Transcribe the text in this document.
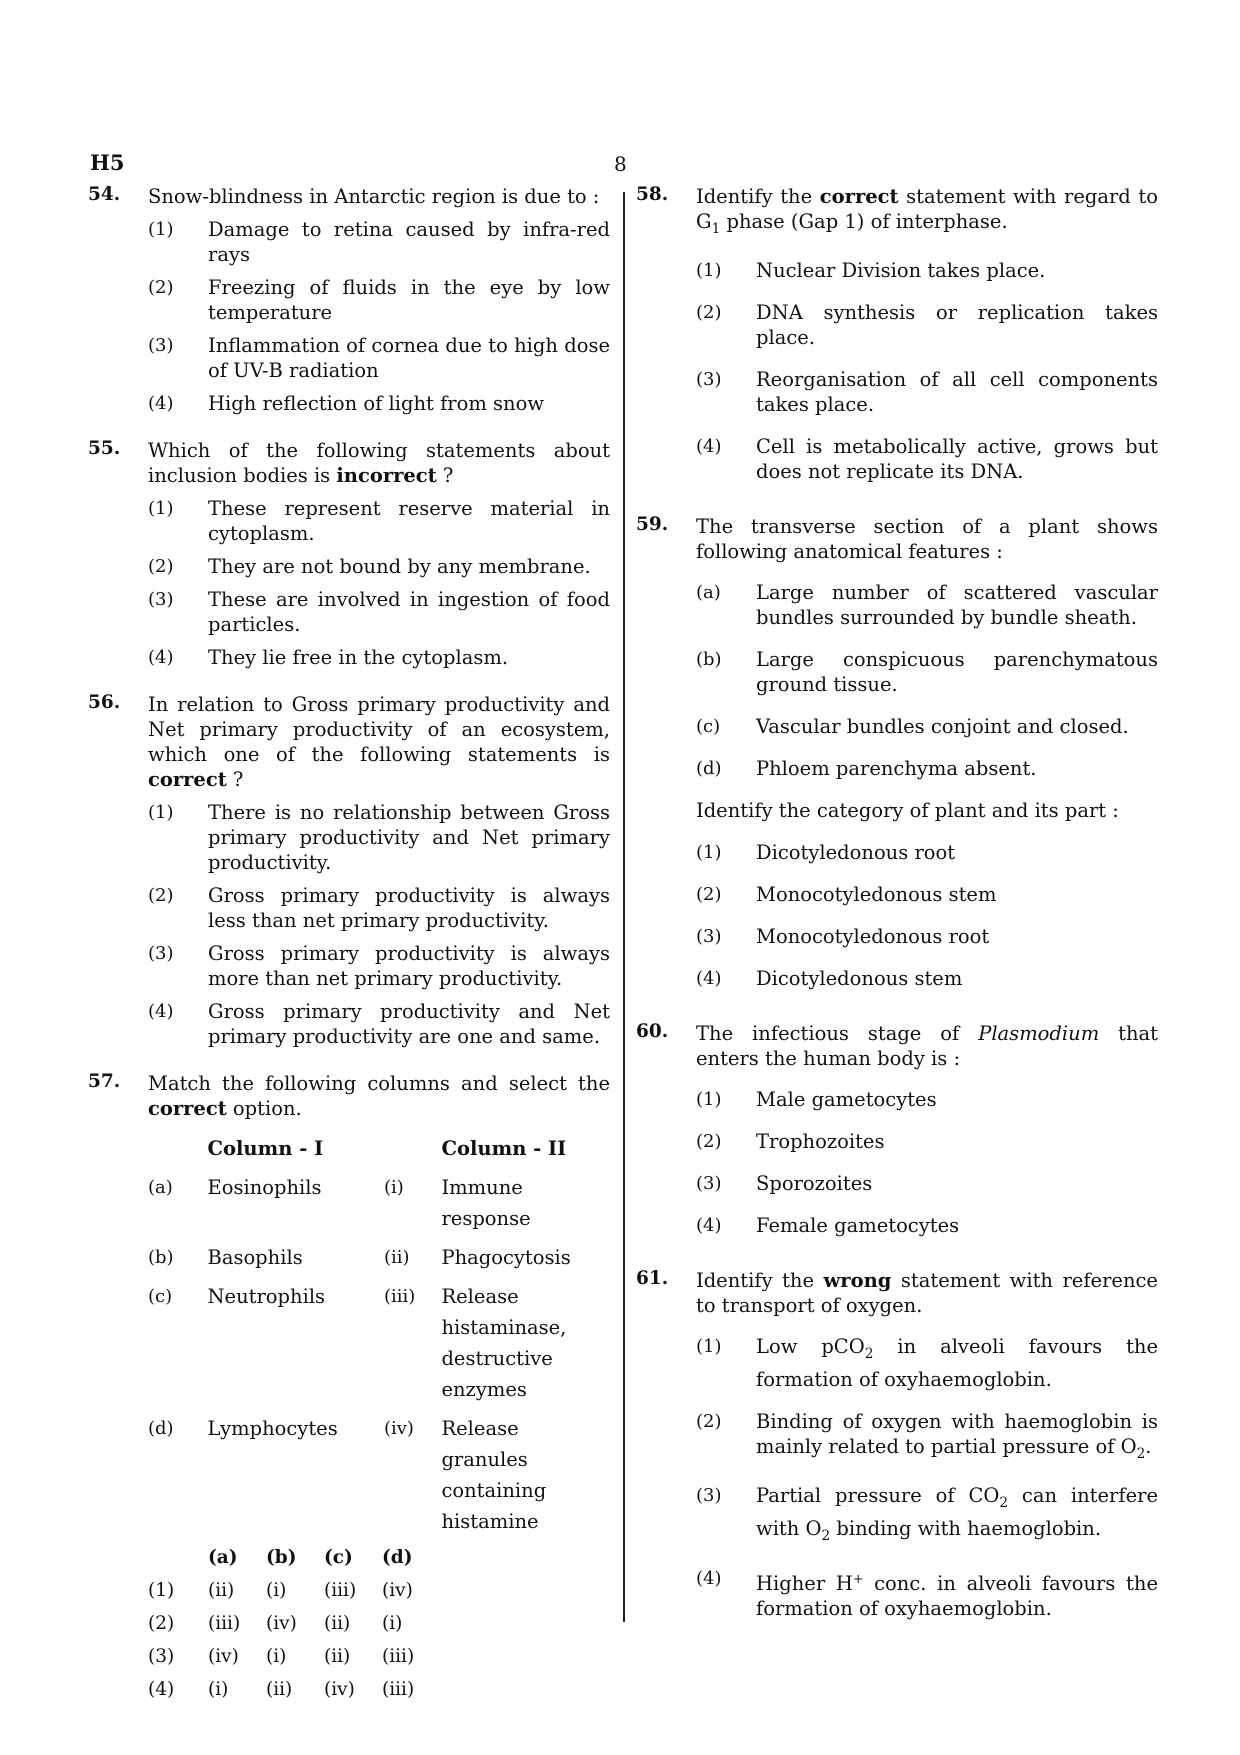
H5	8
54. Snow-blindness in Antarctic region is due to :
(1) Damage to retina caused by infra-red rays
(2) Freezing of fluids in the eye by low temperature
(3) Inflammation of cornea due to high dose of UV-B radiation
(4) High reflection of light from snow
55. Which of the following statements about inclusion bodies is incorrect ?
(1) These represent reserve material in cytoplasm.
(2) They are not bound by any membrane.
(3) These are involved in ingestion of food particles.
(4) They lie free in the cytoplasm.
56. In relation to Gross primary productivity and Net primary productivity of an ecosystem, which one of the following statements is correct ?
(1) There is no relationship between Gross primary productivity and Net primary productivity.
(2) Gross primary productivity is always less than net primary productivity.
(3) Gross primary productivity is always more than net primary productivity.
(4) Gross primary productivity and Net primary productivity are one and same.
57. Match the following columns and select the correct option.
Column - I	Column - II
(a)	Eosinophils	(i)	Immune response
(b)	Basophils	(ii)	Phagocytosis
(c)	Neutrophils	(iii)	Release histaminase, destructive enzymes
(d)	Lymphocytes	(iv)	Release granules containing histamine
(a)	(b)	(c)	(d)
(1)	(ii)	(i)	(iii)	(iv)
(2)	(iii)	(iv)	(ii)	(i)
(3)	(iv)	(i)	(ii)	(iii)
(4)	(i)	(ii)	(iv)	(iii)
58. Identify the correct statement with regard to $G_1$ phase (Gap 1) of interphase.
(1) Nuclear Division takes place.
(2) DNA synthesis or replication takes place.
(3) Reorganisation of all cell components takes place.
(4) Cell is metabolically active, grows but does not replicate its DNA.
59. The transverse section of a plant shows following anatomical features :
(a) Large number of scattered vascular bundles surrounded by bundle sheath.
(b) Large conspicuous parenchymatous ground tissue.
(c) Vascular bundles conjoint and closed.
(d) Phloem parenchyma absent.
Identify the category of plant and its part :
(1) Dicotyledonous root
(2) Monocotyledonous stem
(3) Monocotyledonous root
(4) Dicotyledonous stem
60. The infectious stage of Plasmodium that enters the human body is :
(1) Male gametocytes
(2) Trophozoites
(3) Sporozoites
(4) Female gametocytes
61. Identify the wrong statement with reference to transport of oxygen.
(1) Low pCO$_2$ in alveoli favours the formation of oxyhaemoglobin.
(2) Binding of oxygen with haemoglobin is mainly related to partial pressure of $O_2$.
(3) Partial pressure of $CO_2$ can interfere with $O_2$ binding with haemoglobin.
(4) Higher H+ conc. in alveoli favours the formation of oxyhaemoglobin.
